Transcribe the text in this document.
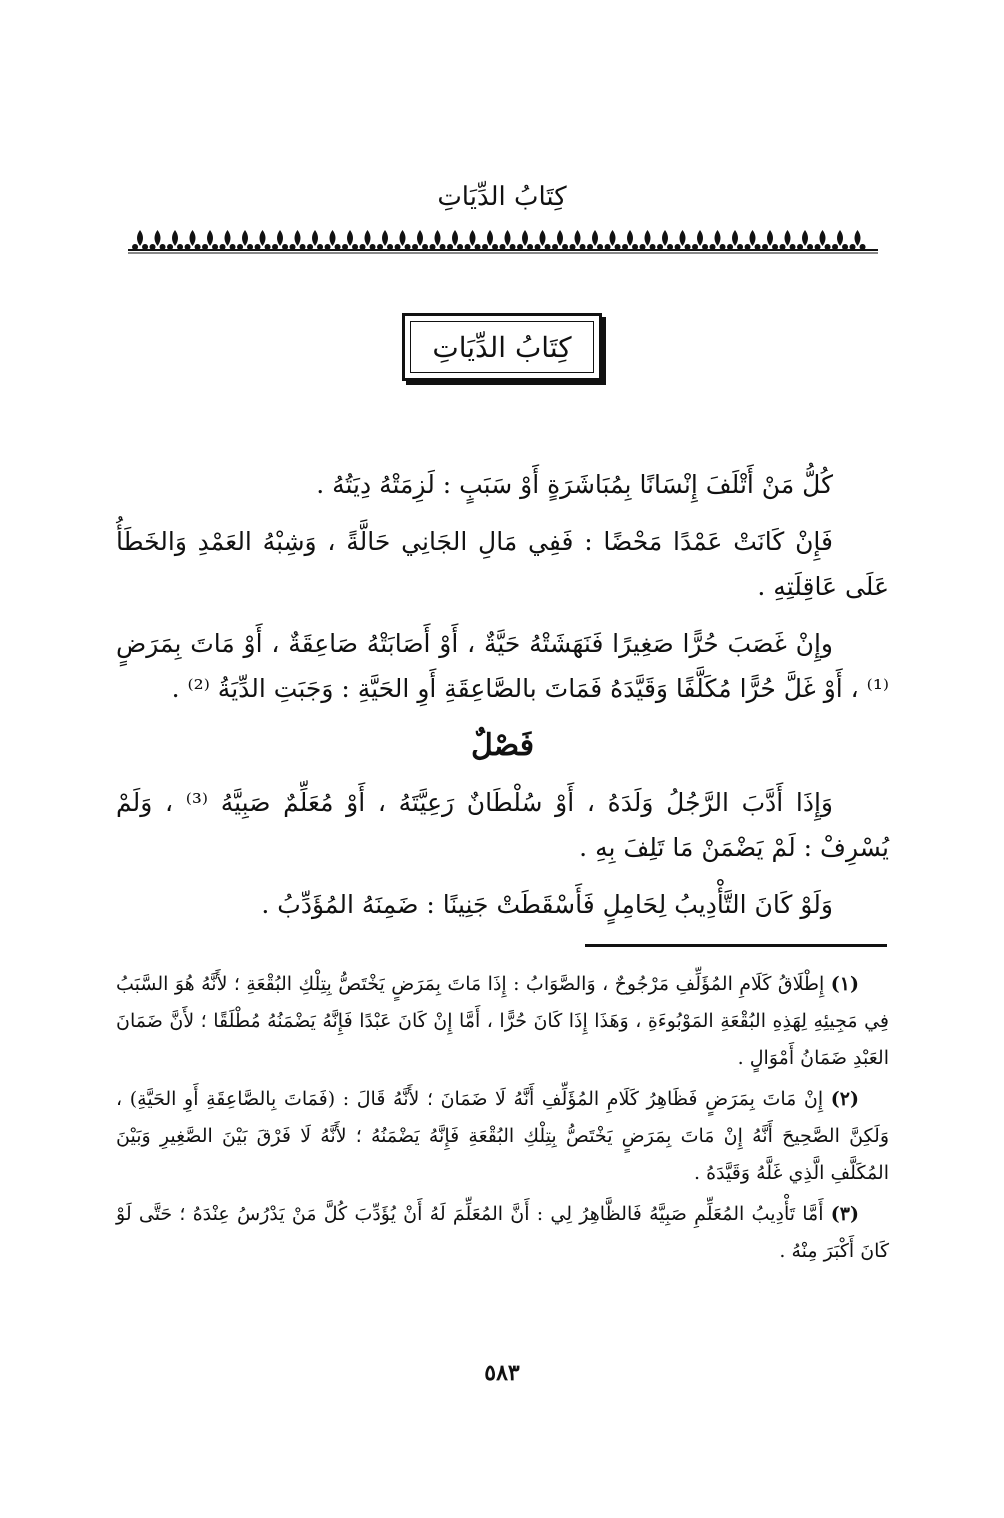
كِتَابُ الدِّيَاتِ
كِتَابُ الدِّيَاتِ

كُلُّ مَنْ أَتْلَفَ إِنْسَانًا بِمُبَاشَرَةٍ أَوْ سَبَبٍ : لَزِمَتْهُ دِيَتُهُ .

فَإِنْ كَانَتْ عَمْدًا مَحْضًا : فَفِي مَالِ الجَانِي حَالَّةً ، وَشِبْهُ العَمْدِ وَالخَطَأُ عَلَى عَاقِلَتِهِ .

وإِنْ غَصَبَ حُرًّا صَغِيرًا فَنَهَشَتْهُ حَيَّةٌ ، أَوْ أَصَابَتْهُ صَاعِقَةٌ ، أَوْ مَاتَ بِمَرَضٍ ⁽¹⁾ ، أَوْ غَلَّ حُرًّا مُكَلَّفًا وَقَيَّدَهُ فَمَاتَ بالصَّاعِقَةِ أَوِ الحَيَّةِ : وَجَبَتِ الدِّيَةُ ⁽²⁾ .

فَصْلٌ

وَإِذَا أَدَّبَ الرَّجُلُ وَلَدَهُ ، أَوْ سُلْطَانٌ رَعِيَّتَهُ ، أَوْ مُعَلِّمٌ صَبِيَّهُ ⁽³⁾ ، وَلَمْ يُسْرِفْ : لَمْ يَضْمَنْ مَا تَلِفَ بِهِ .

وَلَوْ كَانَ التَّأْدِيبُ لِحَامِلٍ فَأَسْقَطَتْ جَنِينًا : ضَمِنَهُ المُؤَدِّبُ .

(١) إِطْلَاقُ كَلَامِ المُؤَلِّفِ مَرْجُوحٌ ، وَالصَّوَابُ : إِذَا مَاتَ بِمَرَضٍ يَخْتَصُّ بِتِلْكِ البُقْعَةِ ؛ لأَنَّهُ هُوَ السَّبَبُ فِي مَجِيئِهِ لِهَذِهِ البُقْعَةِ المَوْبُوءَةِ ، وَهَذَا إِذَا كَانَ حُرًّا ، أَمَّا إِنْ كَانَ عَبْدًا فَإِنَّهُ يَضْمَنُهُ مُطْلَقًا ؛ لأَنَّ ضَمَانَ العَبْدِ ضَمَانُ أَمْوَالٍ .

(٢) إِنْ مَاتَ بِمَرَضٍ فَظَاهِرُ كَلَامِ المُؤَلِّفِ أَنَّهُ لَا ضَمَانَ ؛ لأَنَّهُ قَالَ : (فَمَاتَ بِالصَّاعِقَةِ أَوِ الحَيَّةِ) ، وَلَكِنَّ الصَّحِيحَ أَنَّهُ إِنْ مَاتَ بِمَرَضٍ يَخْتَصُّ بِتِلْكِ البُقْعَةِ فَإِنَّهُ يَضْمَنُهُ ؛ لأَنَّهُ لَا فَرْقَ بَيْنَ الصَّغِيرِ وَبَيْنَ المُكَلَّفِ الَّذِي غَلَّهُ وَقَيَّدَهُ .

(٣) أَمَّا تَأْدِيبُ المُعَلِّمِ صَبِيَّهُ فَالظَّاهِرُ لِي : أَنَّ المُعَلِّمَ لَهُ أَنْ يُؤَدِّبَ كُلَّ مَنْ يَدْرُسُ عِنْدَهُ ؛ حَتَّى لَوْ كَانَ أَكْبَرَ مِنْهُ .

٥٨٣
